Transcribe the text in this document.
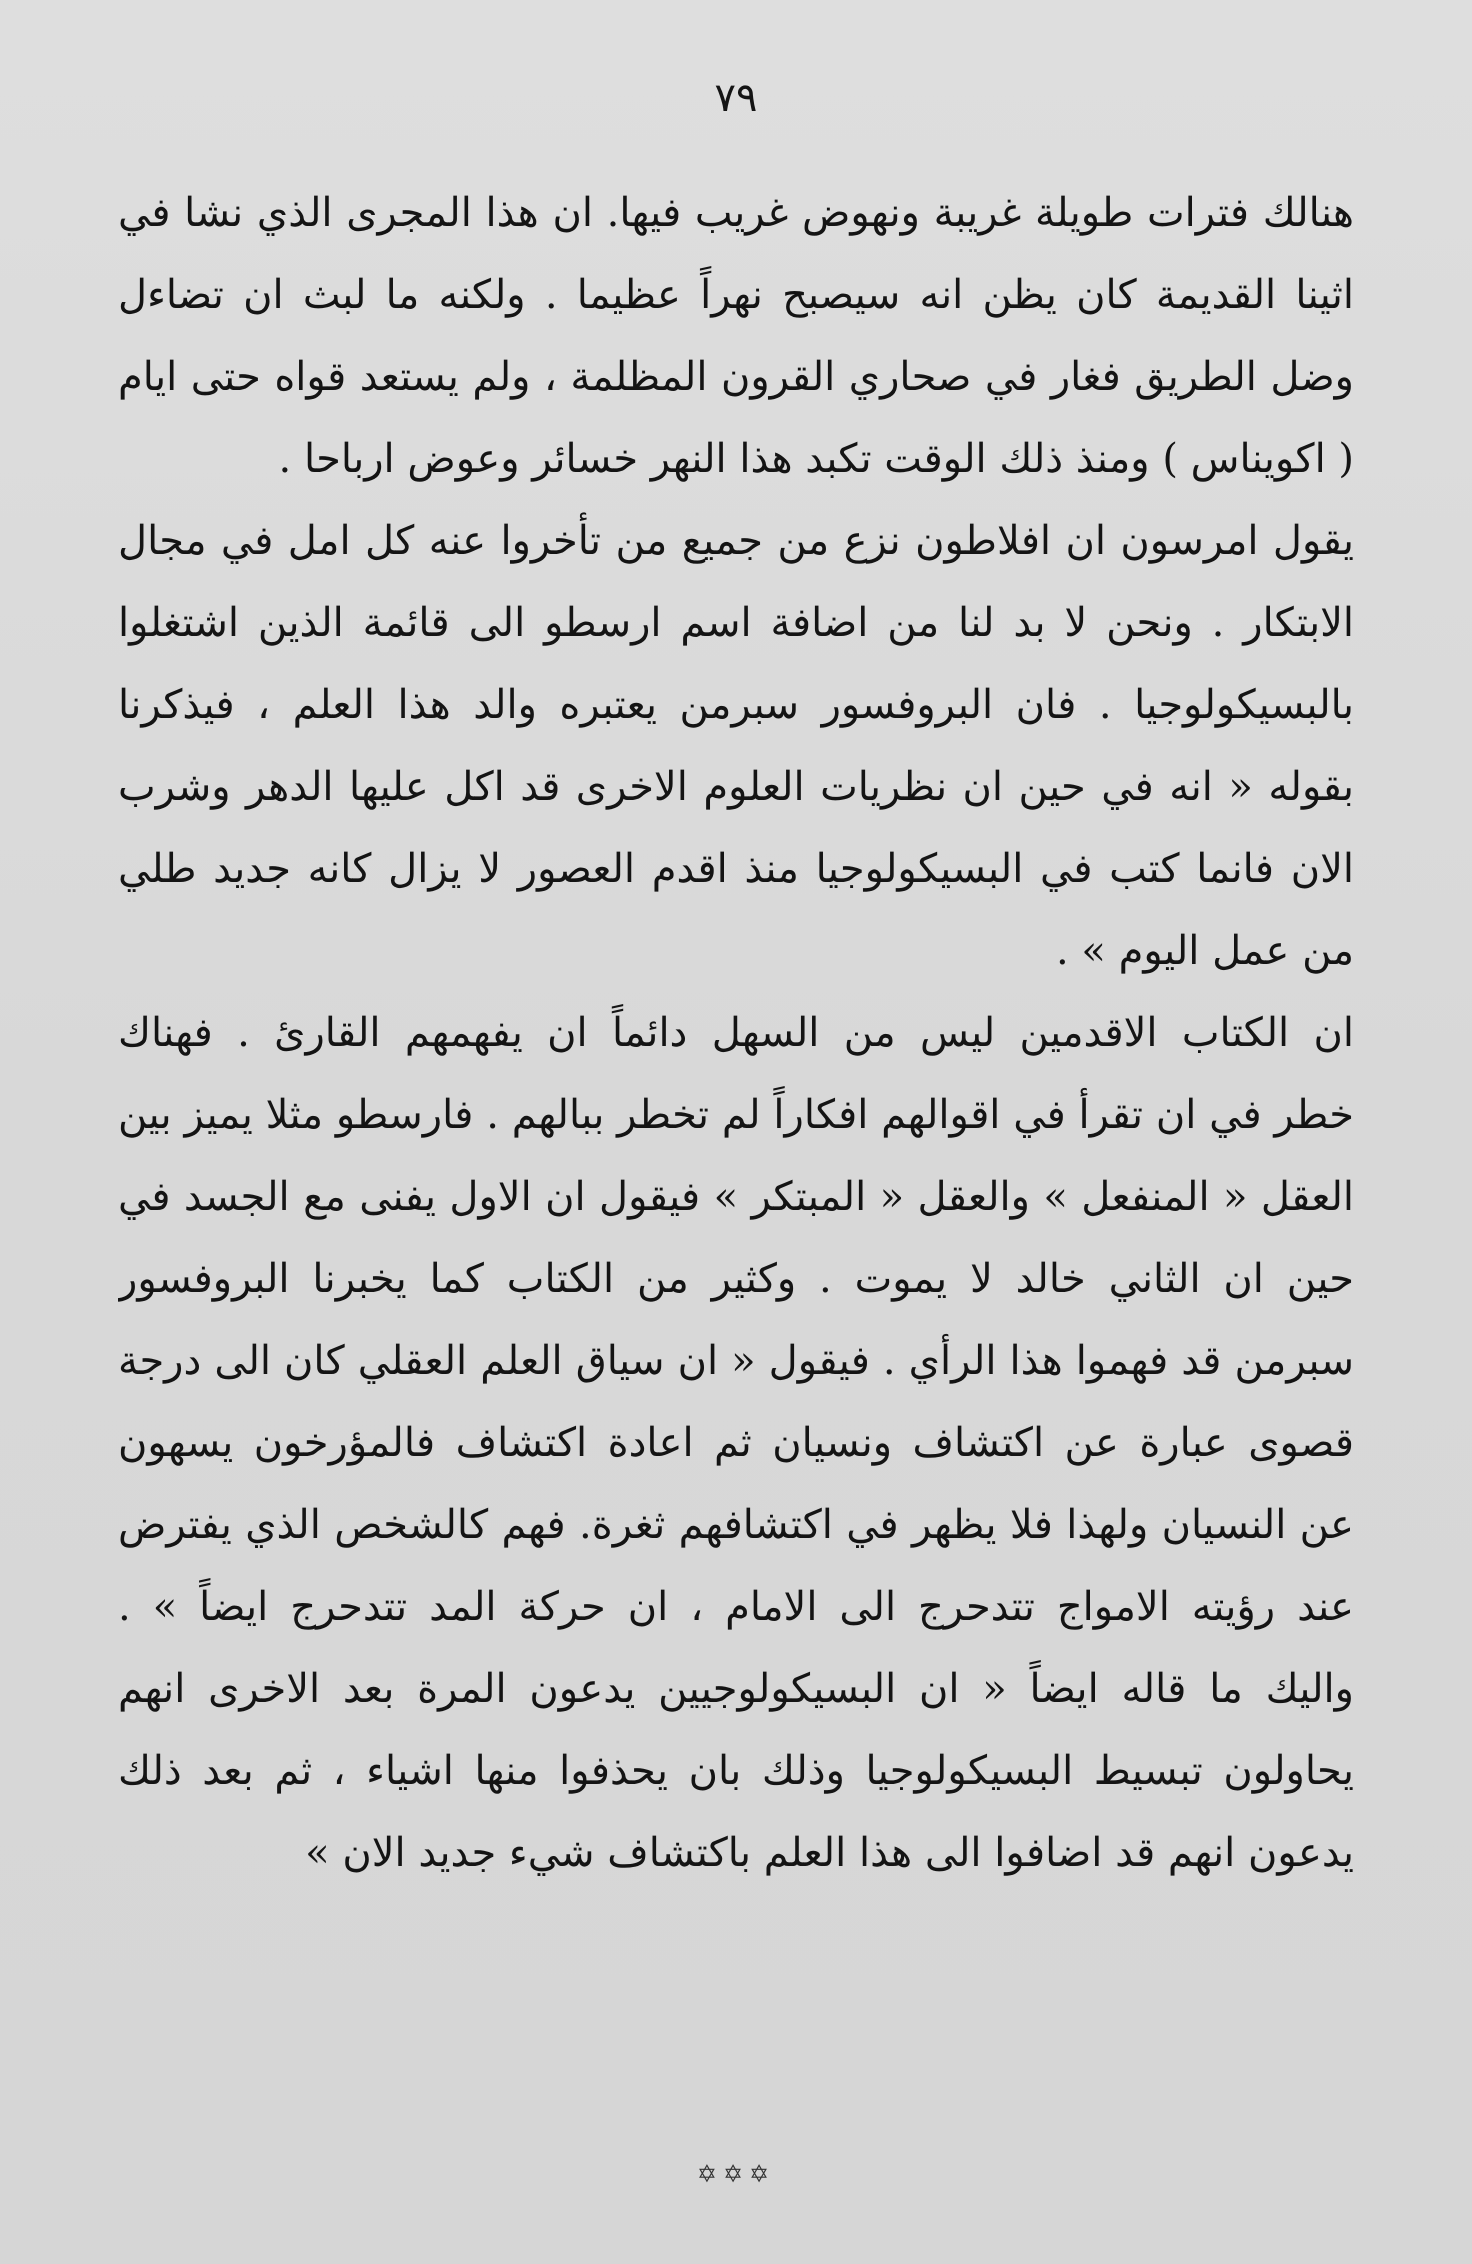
٧٩
هنالك فترات طويلة غريبة ونهوض غريب فيها. ان هذا المجرى الذي نشا في
اثينا القديمة كان يظن انه سيصبح نهراً عظيما . ولكنه ما لبث ان تضاءل
وضل الطريق فغار في صحاري القرون المظلمة ، ولم يستعد قواه حتى ايام
( اكويناس ) ومنذ ذلك الوقت تكبد هذا النهر خسائر وعوض ارباحا .
يقول امرسون ان افلاطون نزع من جميع من تأخروا عنه كل امل في مجال
الابتكار . ونحن لا بد لنا من اضافة اسم ارسطو الى قائمة الذين اشتغلوا
بالبسيكولوجيا . فان البروفسور سبرمن يعتبره والد هذا العلم ، فيذكرنا
بقوله « انه في حين ان نظريات العلوم الاخرى قد اكل عليها الدهر وشرب
الان فانما كتب في البسيكولوجيا منذ اقدم العصور لا يزال كانه جديد طلي
من عمل اليوم » .
ان الكتاب الاقدمين ليس من السهل دائماً ان يفهمهم القارئ . فهناك
خطر في ان تقرأ في اقوالهم افكاراً لم تخطر ببالهم . فارسطو مثلا يميز بين
العقل « المنفعل » والعقل « المبتكر » فيقول ان الاول يفنى مع الجسد في
حين ان الثاني خالد لا يموت . وكثير من الكتاب كما يخبرنا البروفسور
سبرمن قد فهموا هذا الرأي . فيقول « ان سياق العلم العقلي كان الى درجة
قصوى عبارة عن اكتشاف ونسيان ثم اعادة اكتشاف فالمؤرخون يسهون
عن النسيان ولهذا فلا يظهر في اكتشافهم ثغرة. فهم كالشخص الذي يفترض
عند رؤيته الامواج تتدحرج الى الامام ، ان حركة المد تتدحرج ايضاً » .
واليك ما قاله ايضاً « ان البسيكولوجيين يدعون المرة بعد الاخرى انهم
يحاولون تبسيط البسيكولوجيا وذلك بان يحذفوا منها اشياء ، ثم بعد ذلك
يدعون انهم قد اضافوا الى هذا العلم باكتشاف شيء جديد الان »
✡✡✡
